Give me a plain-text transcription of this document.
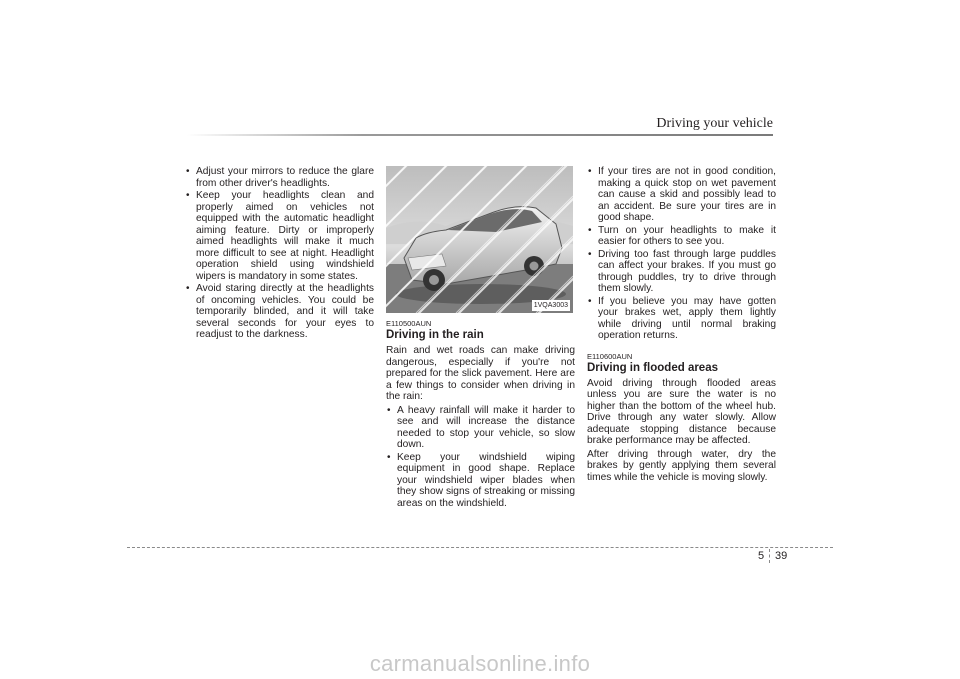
Driving your vehicle
• Adjust your mirrors to reduce the glare from other driver's headlights.
• Keep your headlights clean and properly aimed on vehicles not equipped with the automatic headlight aiming feature. Dirty or improperly aimed headlights will make it much more difficult to see at night. Headlight operation shield using windshield wipers is mandatory in some states.
• Avoid staring directly at the headlights of oncoming vehicles. You could be temporarily blinded, and it will take several seconds for your eyes to readjust to the darkness.
1VQA3003
E110500AUN
Driving in the rain

Rain and wet roads can make driving dangerous, especially if you're not prepared for the slick pavement. Here are a few things to consider when driving in the rain:

• A heavy rainfall will make it harder to see and will increase the distance needed to stop your vehicle, so slow down.
• Keep your windshield wiping equipment in good shape. Replace your windshield wiper blades when they show signs of streaking or missing areas on the windshield.
• If your tires are not in good condition, making a quick stop on wet pavement can cause a skid and possibly lead to an accident. Be sure your tires are in good shape.
• Turn on your headlights to make it easier for others to see you.
• Driving too fast through large puddles can affect your brakes. If you must go through puddles, try to drive through them slowly.
• If you believe you may have gotten your brakes wet, apply them lightly while driving until normal braking operation returns.
E110600AUN
Driving in flooded areas

Avoid driving through flooded areas unless you are sure the water is no higher than the bottom of the wheel hub. Drive through any water slowly. Allow adequate stopping distance because brake performance may be affected.

After driving through water, dry the brakes by gently applying them several times while the vehicle is moving slowly.

5 39
carmanualsonline.info
